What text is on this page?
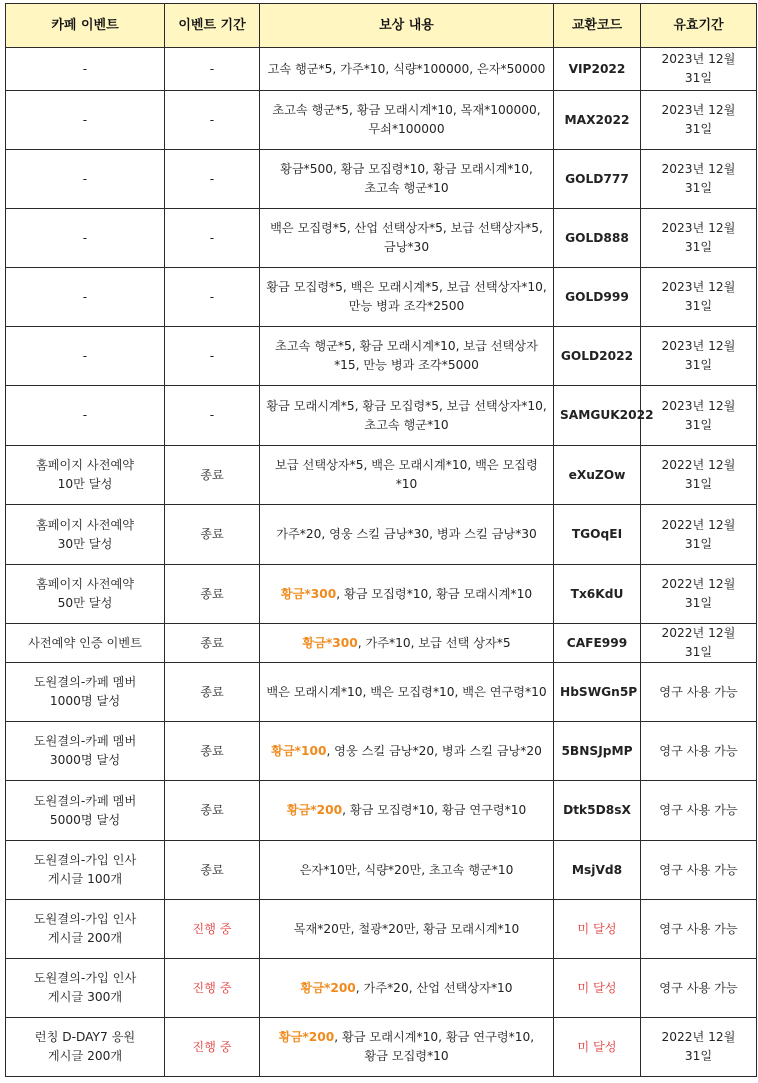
카페 이벤트	이벤트 기간	보상 내용	교환코드	유효기간
-	-	고속 행군*5, 가주*10, 식량*100000, 은자*50000	VIP2022	2023년 12월 31일
-	-	초고속 행군*5, 황금 모래시계*10, 목재*100000, 무쇠*100000	MAX2022	2023년 12월 31일
-	-	황금*500, 황금 모집령*10, 황금 모래시계*10, 초고속 행군*10	GOLD777	2023년 12월 31일
-	-	백은 모집령*5, 산업 선택상자*5, 보급 선택상자*5, 금낭*30	GOLD888	2023년 12월 31일
-	-	황금 모집령*5, 백은 모래시계*5, 보급 선택상자*10, 만능 병과 조각*2500	GOLD999	2023년 12월 31일
-	-	초고속 행군*5, 황금 모래시계*10, 보급 선택상자*15, 만능 병과 조각*5000	GOLD2022	2023년 12월 31일
-	-	황금 모래시계*5, 황금 모집령*5, 보급 선택상자*10, 초고속 행군*10	SAMGUK2022	2023년 12월 31일
홈페이지 사전예약
10만 달성	종료	보급 선택상자*5, 백은 모래시계*10, 백은 모집령*10	eXuZOw	2022년 12월 31일
홈페이지 사전예약
30만 달성	종료	가주*20, 영웅 스킬 금낭*30, 병과 스킬 금낭*30	TGOqEI	2022년 12월 31일
홈페이지 사전예약
50만 달성	종료	황금*300, 황금 모집령*10, 황금 모래시계*10	Tx6KdU	2022년 12월 31일
사전예약 인증 이벤트	종료	황금*300, 가주*10, 보급 선택 상자*5	CAFE999	2022년 12월 31일
도원결의-카페 멤버
1000명 달성	종료	백은 모래시계*10, 백은 모집령*10, 백은 연구령*10	HbSWGn5P	영구 사용 가능
도원결의-카페 멤버
3000명 달성	종료	황금*100, 영웅 스킬 금낭*20, 병과 스킬 금낭*20	5BNSJpMP	영구 사용 가능
도원결의-카페 멤버
5000명 달성	종료	황금*200, 황금 모집령*10, 황금 연구령*10	Dtk5D8sX	영구 사용 가능
도원결의-가입 인사
게시글 100개	종료	은자*10만, 식량*20만, 초고속 행군*10	MsjVd8	영구 사용 가능
도원결의-가입 인사
게시글 200개	진행 중	목재*20만, 철광*20만, 황금 모래시계*10	미 달성	영구 사용 가능
도원결의-가입 인사
게시글 300개	진행 중	황금*200, 가주*20, 산업 선택상자*10	미 달성	영구 사용 가능
런칭 D-DAY7 응원
게시글 200개	진행 중	황금*200, 황금 모래시계*10, 황금 연구령*10, 황금 모집령*10	미 달성	2022년 12월 31일
